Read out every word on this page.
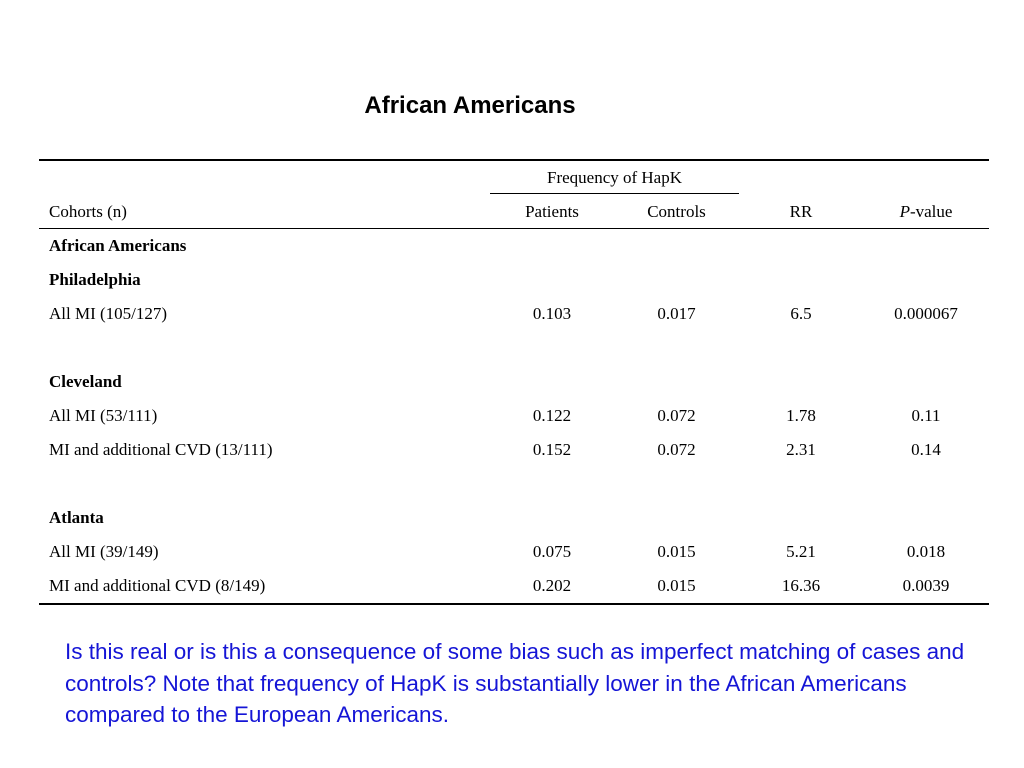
African Americans
Frequency of HapK
Cohorts (n)	Patients	Controls	RR	P-value
African Americans
Philadelphia
All MI (105/127)	0.103	0.017	6.5	0.000067
Cleveland
All MI (53/111)	0.122	0.072	1.78	0.11
MI and additional CVD (13/111)	0.152	0.072	2.31	0.14
Atlanta
All MI (39/149)	0.075	0.015	5.21	0.018
MI and additional CVD (8/149)	0.202	0.015	16.36	0.0039
Is this real or is this a consequence of some bias such as imperfect matching of cases and controls? Note that frequency of HapK is substantially lower in the African Americans compared to the European Americans.
